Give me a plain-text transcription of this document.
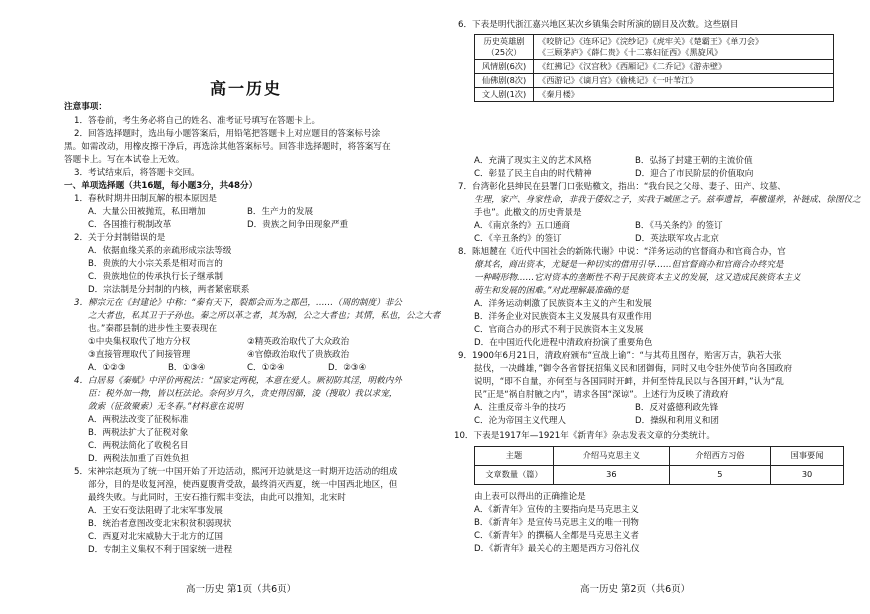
高一历史
注意事项：
1．答卷前，考生务必将自己的姓名、准考证号填写在答题卡上。
2．回答选择题时，选出每小题答案后，用铅笔把答题卡上对应题目的答案标号涂
黑。如需改动，用橡皮擦干净后，再选涂其他答案标号。回答非选择题时，将答案写在
答题卡上。写在本试卷上无效。
3．考试结束后，将答题卡交回。
一、单项选择题（共16题，每小题3分，共48分）
1．春秋时期井田制瓦解的根本原因是
A．大量公田被抛荒，私田增加	B．生产力的发展
C．各国推行税制改革	D．贵族之间争田现象严重
2．关于分封制错误的是
A．依据血缘关系的亲疏形成宗法等级
B．贵族的大小宗关系是相对而言的
C．贵族地位的传承执行长子继承制
D．宗法制是分封制的内核，两者紧密联系
3．柳宗元在《封建论》中称：“秦有天下，裂都会而为之郡邑，……（周的制度）非公
之大者也，私其卫于子孙也。秦之所以革之者，其为制，公之大者也；其情，私也，公之大者
也。”秦郡县制的进步性主要表现在
①中央集权取代了地方分权	②精英政治取代了大众政治
③直接管理取代了间接管理	④官僚政治取代了贵族政治
A．①②③	B．①③④	C．①②④	D．②③④
4．白居易《秦赋》中评价两税法：“国家定两税，本意在爱人。厥初防其淫，明敕内外
臣：税外加一物，皆以枉法论。奈何岁月久，贪吏得因循，浚（搜取）我以求宠，
敛索（征敛聚索）无冬春。”材料意在说明
A．两税法改变了征税标准
B．两税法扩大了征税对象
C．两税法简化了收税名目
D．两税法加重了百姓负担
5．宋神宗赵顼为了统一中国开始了开边活动，熙河开边就是这一时期开边活动的组成
部分，目的是收复河湟，使西夏腹背受敌，最终消灭西夏，统一中国西北地区，但
最终失败。与此同时，王安石推行熙丰变法，由此可以推知，北宋时
A．王安石变法阻碍了北宋军事发展
B．统治者意图改变北宋积贫积弱现状
C．西夏对北宋威胁大于北方的辽国
D．专制主义集权不利于国家统一进程
高一历史 第1页（共6页）
6．下表是明代浙江嘉兴地区某次乡镇集会时所演的剧目及次数。这些剧目
历史英雄剧
（25次）	《咬脐记》《连环记》《浣纱记》《虎牢关》《楚霸王》《单刀会》
《三顾茅庐》《薛仁贵》《十二寡妇征西》《黑旋风》
风情剧(6次)	《红拂记》《汉宫秋》《西厢记》《二乔记》《游赤壁》
仙佛剧(8次)	《西游记》《谪月宫》《偷桃记》《一叶苇江》
文人剧(1次)	《秦月楼》
A．充满了现实主义的艺术风格	B．弘扬了封建王朝的主流价值
C．彰显了民主自由的时代精神	D．迎合了市民阶层的价值取向
7．台湾彰化县绅民在县署门口张贴檄文，指出：“我台民之父母、妻子、田产、坟墓、
生理，家产、身家性命，非我于倭奴之子，实我于臧匪之子。兹奉遗旨，奉檄谨养，补链成、徐图仪之
手也”。此檄文的历史背景是
A．《南京条约》五口通商	B．《马关条约》的签订
C．《辛丑条约》的签订	D．英法联军攻占北京
8．陈旭麓在《近代中国社会的新陈代谢》中说：“洋务运动的官督商办和官商合办，官
僚其名，商出资本，尤疑是一种切实的借用引导……但官督商办和官商合办终究是
一种畸形物……它对资本的垄断性不利于民族资本主义的发展，这又造成民族资本主义
萌生和发展的困难。”对此理解最准确的是
A．洋务运动刺激了民族资本主义的产生和发展
B．洋务企业对民族资本主义发展具有双重作用
C．官商合办的形式不利于民族资本主义发展
D．在中国近代化进程中清政府扮演了重要角色
9．1900年6月21日，清政府颁布“宣战上谕”：“与其苟且图存，贻害万古，孰若大张
挞伐，一决雌雄，”御令各省督抚招集义民和团御侮，同时又电令驻外使节向各国政府
说明，“即不自量，亦何至与各国同时开衅，并何至恃乱民以与各国开衅，”认为“乱
民”正是“祸自肘腋之内”，请求各国“深谅”。上述行为反映了清政府
A．注重反帝斗争的技巧	B．反对盛德利政先锋
C．沦为帝国主义代理人	D．操纵和利用义和团
10．下表是1917年—1921年《新青年》杂志发表文章的分类统计。
主题	介绍马克思主义	介绍西方习俗	国事要闻
文章数量（篇）	36	5	30
由上表可以得出的正确推论是
A．《新青年》宣传的主要指向是马克思主义
B．《新青年》是宣传马克思主义的唯一刊物
C．《新青年》的撰稿人全都是马克思主义者
D．《新青年》最关心的主题是西方习俗礼仪
高一历史 第2页（共6页）
